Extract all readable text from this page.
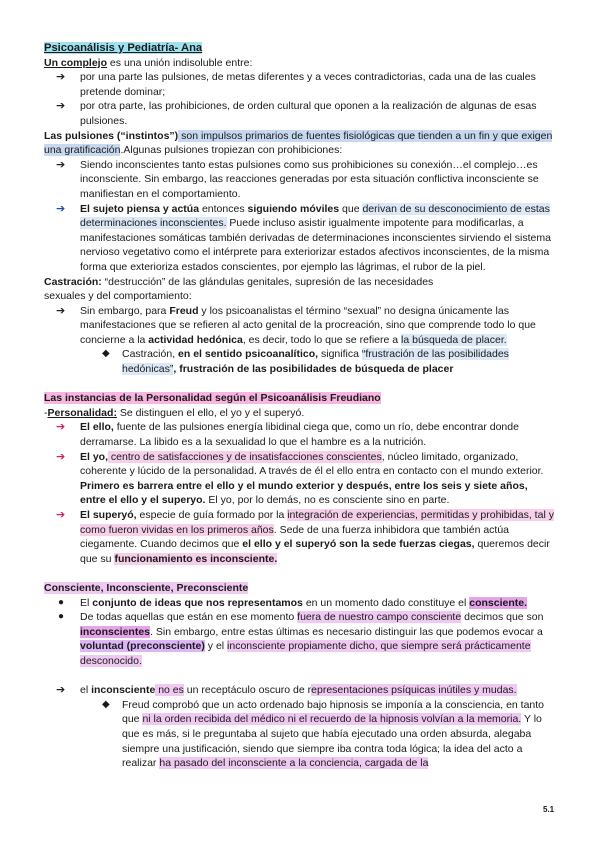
Psicoanálisis y Pediatría- Ana

Un complejo es una unión indisoluble entre:

➔ por una parte las pulsiones, de metas diferentes y a veces contradictorias, cada una de las cuales pretende dominar;
➔ por otra parte, las prohibiciones, de orden cultural que oponen a la realización de algunas de esas pulsiones.

Las pulsiones (“instintos”) son impulsos primarios de fuentes fisiológicas que tienden a un fin y que exigen una gratificación.Algunas pulsiones tropiezan con prohibiciones:

➔ Siendo inconscientes tanto estas pulsiones como sus prohibiciones su conexión…el complejo…es inconsciente. Sin embargo, las reacciones generadas por esta situación conflictiva inconsciente se manifiestan en el comportamiento.
➔ El sujeto piensa y actúa entonces siguiendo móviles que derivan de su desconocimiento de estas determinaciones inconscientes. Puede incluso asistir igualmente impotente para modificarlas, a manifestaciones somáticas también derivadas de determinaciones inconscientes sirviendo el sistema nervioso vegetativo como el intérprete para exteriorizar estados afectivos inconscientes, de la misma forma que exterioriza estados conscientes, por ejemplo las lágrimas, el rubor de la piel.

Castración: “destrucción” de las glándulas genitales, supresión de las necesidades

sexuales y del comportamiento:

➔ Sin embargo, para Freud y los psicoanalistas el término “sexual” no designa únicamente las manifestaciones que se refieren al acto genital de la procreación, sino que comprende todo lo que concierne a la actividad hedónica, es decir, todo lo que se refiere a la búsqueda de placer.
◆ Castración, en el sentido psicoanalítico, significa “frustración de las posibilidades hedónicas”, frustración de las posibilidades de búsqueda de placer

Las instancias de la Personalidad según el Psicoanálisis Freudiano

-Personalidad: Se distinguen el ello, el yo y el superyó.

➔ El ello, fuente de las pulsiones energía libidinal ciega que, como un río, debe encontrar donde derramarse. La libido es a la sexualidad lo que el hambre es a la nutrición.
➔ El yo, centro de satisfacciones y de insatisfacciones conscientes, núcleo limitado, organizado, coherente y lúcido de la personalidad. A través de él el ello entra en contacto con el mundo exterior. Primero es barrera entre el ello y el mundo exterior y después, entre los seis y siete años, entre el ello y el superyo. El yo, por lo demás, no es consciente sino en parte.
➔ El superyó, especie de guía formado por la integración de experiencias, permitidas y prohibidas, tal y como fueron vividas en los primeros años. Sede de una fuerza inhibidora que también actúa ciegamente. Cuando decimos que el ello y el superyó son la sede fuerzas ciegas, queremos decir que su funcionamiento es inconsciente.

Consciente, Inconsciente, Preconsciente

● El conjunto de ideas que nos representamos en un momento dado constituye el consciente.
● De todas aquellas que están en ese momento fuera de nuestro campo consciente decimos que son inconscientes. Sin embargo, entre estas últimas es necesario distinguir las que podemos evocar a voluntad (preconsciente) y el inconsciente propiamente dicho, que siempre será prácticamente desconocido.
➔ el inconsciente no es un receptáculo oscuro de representaciones psíquicas inútiles y mudas.
◆ Freud comprobó que un acto ordenado bajo hipnosis se imponía a la consciencia, en tanto que ni la orden recibida del médico ni el recuerdo de la hipnosis volvían a la memoria. Y lo que es más, si le preguntaba al sujeto que había ejecutado una orden absurda, alegaba siempre una justificación, siendo que siempre iba contra toda lógica; la idea del acto a realizar ha pasado del inconsciente a la conciencia, cargada de la
5.1
